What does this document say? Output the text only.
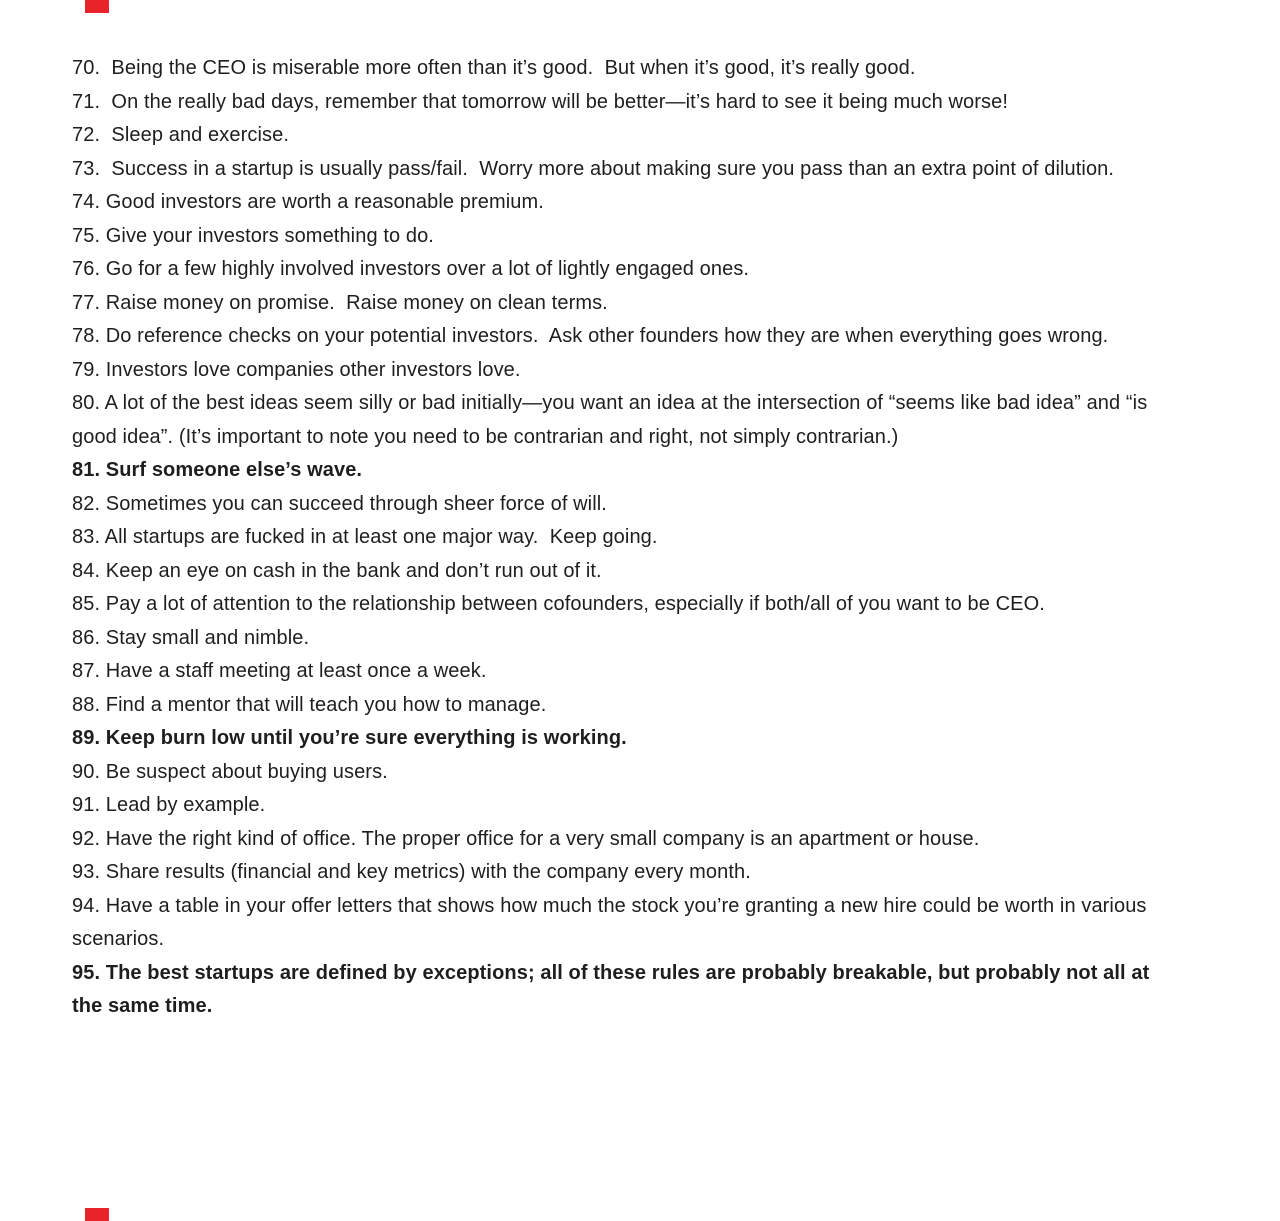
70.  Being the CEO is miserable more often than it’s good.  But when it’s good, it’s really good.

71.  On the really bad days, remember that tomorrow will be better—it’s hard to see it being much worse!

72.  Sleep and exercise.

73.  Success in a startup is usually pass/fail.  Worry more about making sure you pass than an extra point of dilution.

74. Good investors are worth a reasonable premium.

75. Give your investors something to do.

76. Go for a few highly involved investors over a lot of lightly engaged ones.

77. Raise money on promise.  Raise money on clean terms.

78. Do reference checks on your potential investors.  Ask other founders how they are when everything goes wrong.

79. Investors love companies other investors love.

80. A lot of the best ideas seem silly or bad initially—you want an idea at the intersection of “seems like bad idea” and “is good idea”. (It’s important to note you need to be contrarian and right, not simply contrarian.)

81. Surf someone else’s wave.

82. Sometimes you can succeed through sheer force of will.

83. All startups are fucked in at least one major way.  Keep going.

84. Keep an eye on cash in the bank and don’t run out of it.

85. Pay a lot of attention to the relationship between cofounders, especially if both/all of you want to be CEO.

86. Stay small and nimble.

87. Have a staff meeting at least once a week.

88. Find a mentor that will teach you how to manage.

89. Keep burn low until you’re sure everything is working.

90. Be suspect about buying users.

91. Lead by example.

92. Have the right kind of office. The proper office for a very small company is an apartment or house.

93. Share results (financial and key metrics) with the company every month.

94. Have a table in your offer letters that shows how much the stock you’re granting a new hire could be worth in various scenarios.

95. The best startups are defined by exceptions; all of these rules are probably breakable, but probably not all at the same time.
